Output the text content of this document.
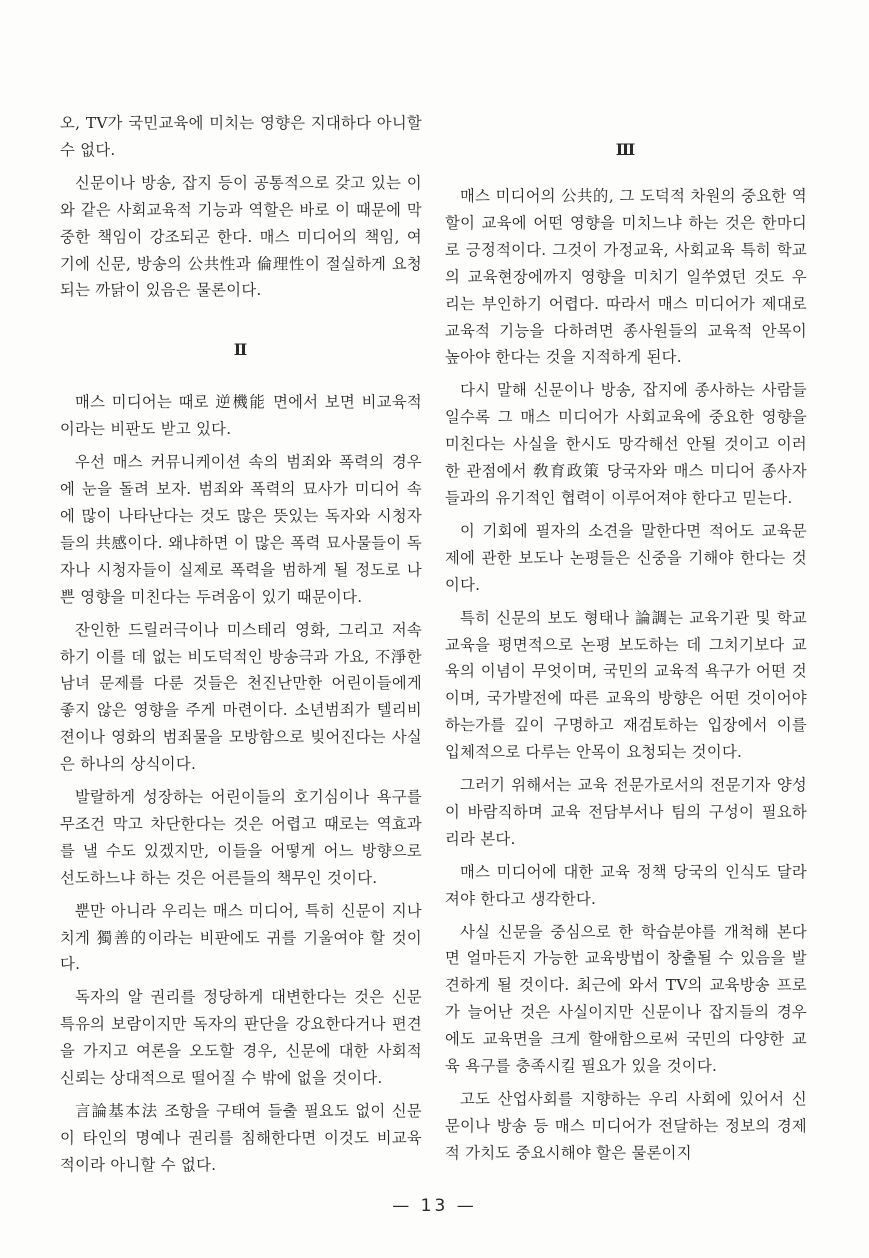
오, TV가 국민교육에 미치는 영향은 지대하다 아니할 수 없다.

신문이나 방송, 잡지 등이 공통적으로 갖고 있는 이와 같은 사회교육적 기능과 역할은 바로 이 때문에 막중한 책임이 강조되곤 한다. 매스 미디어의 책임, 여기에 신문, 방송의 公共性과 倫理性이 절실하게 요청되는 까닭이 있음은 물론이다.

Ⅱ

매스 미디어는 때로 逆機能 면에서 보면 비교육적이라는 비판도 받고 있다.

우선 매스 커뮤니케이션 속의 범죄와 폭력의 경우에 눈을 돌려 보자. 범죄와 폭력의 묘사가 미디어 속에 많이 나타난다는 것도 많은 뜻있는 독자와 시청자들의 共感이다. 왜냐하면 이 많은 폭력 묘사물들이 독자나 시청자들이 실제로 폭력을 범하게 될 정도로 나쁜 영향을 미친다는 두려움이 있기 때문이다.

잔인한 드릴러극이나 미스테리 영화, 그리고 저속하기 이를 데 없는 비도덕적인 방송극과 가요, 不淨한 남녀 문제를 다룬 것들은 천진난만한 어린이들에게 좋지 않은 영향을 주게 마련이다. 소년범죄가 텔리비젼이나 영화의 범죄물을 모방함으로 빚어진다는 사실은 하나의 상식이다.

발랄하게 성장하는 어린이들의 호기심이나 욕구를 무조건 막고 차단한다는 것은 어렵고 때로는 역효과를 낼 수도 있겠지만, 이들을 어떻게 어느 방향으로 선도하느냐 하는 것은 어른들의 책무인 것이다.

뿐만 아니라 우리는 매스 미디어, 특히 신문이 지나치게 獨善的이라는 비판에도 귀를 기울여야 할 것이다.

독자의 알 권리를 정당하게 대변한다는 것은 신문 특유의 보람이지만 독자의 판단을 강요한다거나 편견을 가지고 여론을 오도할 경우, 신문에 대한 사회적 신뢰는 상대적으로 떨어질 수 밖에 없을 것이다.

言論基本法 조항을 구태여 들출 필요도 없이 신문이 타인의 명예나 권리를 침해한다면 이것도 비교육적이라 아니할 수 없다.

Ⅲ

매스 미디어의 公共的, 그 도덕적 차원의 중요한 역할이 교육에 어떤 영향을 미치느냐 하는 것은 한마디로 긍정적이다. 그것이 가정교육, 사회교육 특히 학교의 교육현장에까지 영향을 미치기 일쑤였던 것도 우리는 부인하기 어렵다. 따라서 매스 미디어가 제대로 교육적 기능을 다하려면 종사원들의 교육적 안목이 높아야 한다는 것을 지적하게 된다.

다시 말해 신문이나 방송, 잡지에 종사하는 사람들일수록 그 매스 미디어가 사회교육에 중요한 영향을 미친다는 사실을 한시도 망각해선 안될 것이고 이러한 관점에서 敎育政策 당국자와 매스 미디어 종사자들과의 유기적인 협력이 이루어져야 한다고 믿는다.

이 기회에 필자의 소견을 말한다면 적어도 교육문제에 관한 보도나 논평들은 신중을 기해야 한다는 것이다.

특히 신문의 보도 형태나 論調는 교육기관 및 학교교육을 평면적으로 논평 보도하는 데 그치기보다 교육의 이념이 무엇이며, 국민의 교육적 욕구가 어떤 것이며, 국가발전에 따른 교육의 방향은 어떤 것이어야 하는가를 깊이 구명하고 재검토하는 입장에서 이를 입체적으로 다루는 안목이 요청되는 것이다.

그러기 위해서는 교육 전문가로서의 전문기자 양성이 바람직하며 교육 전담부서나 팀의 구성이 필요하리라 본다.

매스 미디어에 대한 교육 정책 당국의 인식도 달라져야 한다고 생각한다.

사실 신문을 중심으로 한 학습분야를 개척해 본다면 얼마든지 가능한 교육방법이 창출될 수 있음을 발견하게 될 것이다. 최근에 와서 TV의 교육방송 프로가 늘어난 것은 사실이지만 신문이나 잡지들의 경우에도 교육면을 크게 할애함으로써 국민의 다양한 교육 욕구를 충족시킬 필요가 있을 것이다.

고도 산업사회를 지향하는 우리 사회에 있어서 신문이나 방송 등 매스 미디어가 전달하는 정보의 경제적 가치도 중요시해야 할은 물론이지

— 13 —
